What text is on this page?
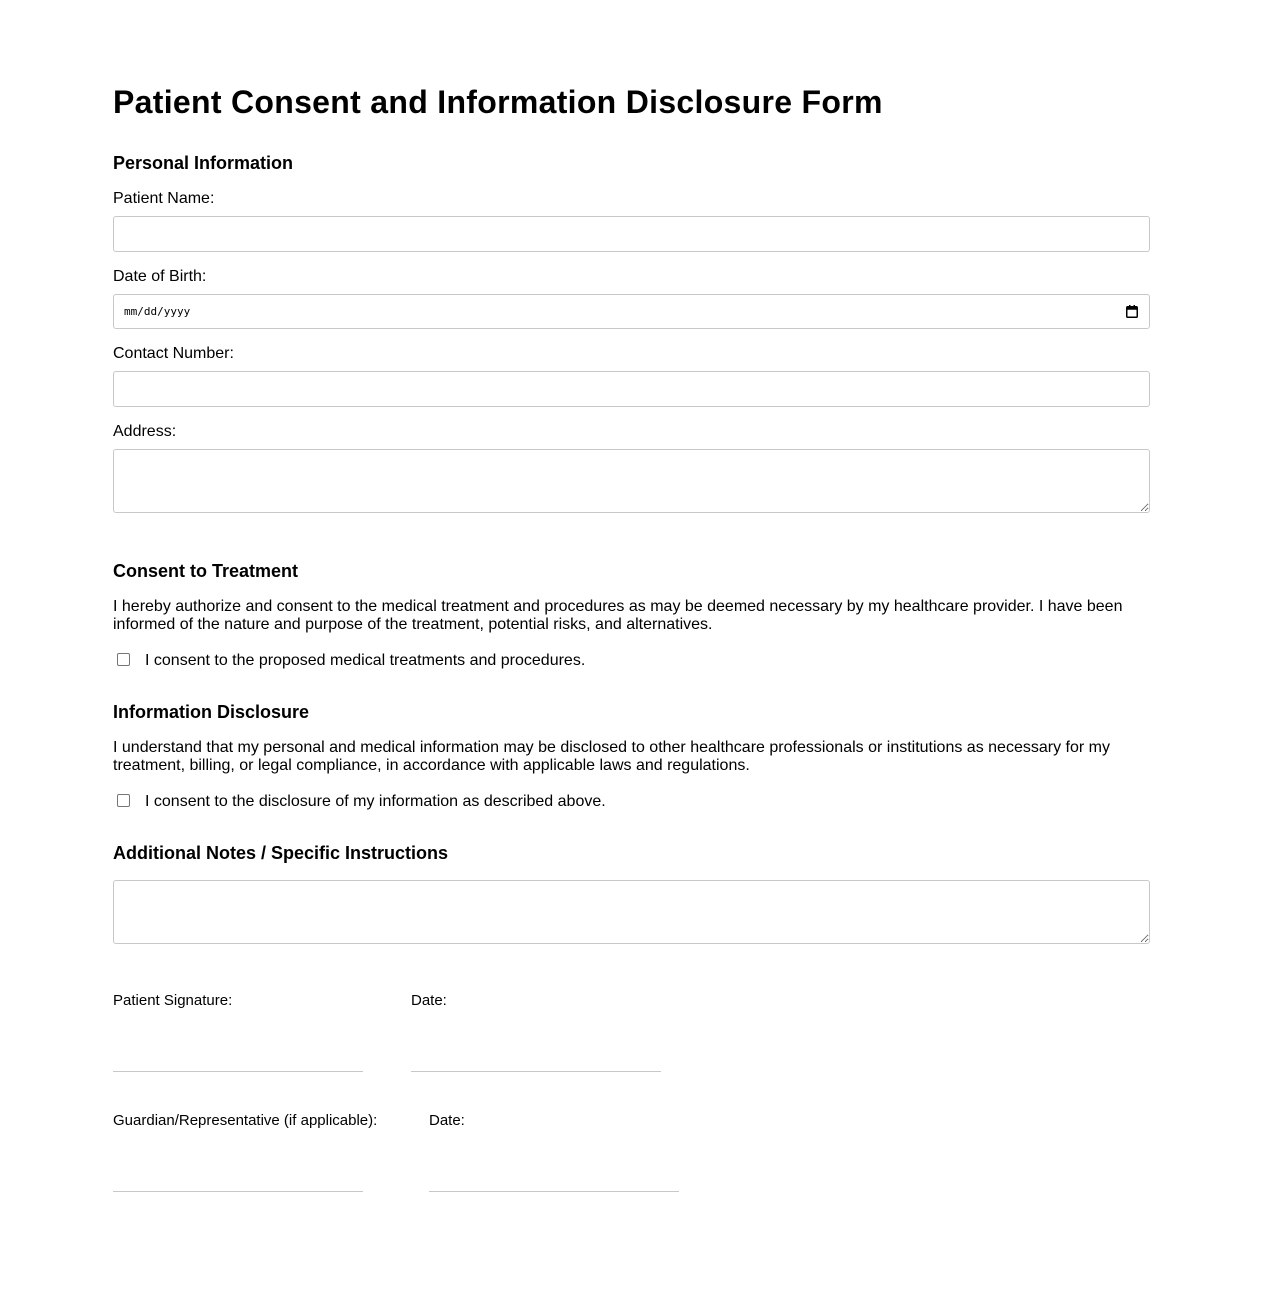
Patient Consent and Information Disclosure Form
Personal Information
Patient Name:
Date of Birth:
mm/dd/yyyy
Contact Number:
Address:
Consent to Treatment

I hereby authorize and consent to the medical treatment and procedures as may be deemed necessary by my healthcare provider. I have been informed of the nature and purpose of the treatment, potential risks, and alternatives.

I consent to the proposed medical treatments and procedures.
Information Disclosure

I understand that my personal and medical information may be disclosed to other healthcare professionals or institutions as necessary for my treatment, billing, or legal compliance, in accordance with applicable laws and regulations.

I consent to the disclosure of my information as described above.
Additional Notes / Specific Instructions
Patient Signature:	Date:
Guardian/Representative (if applicable):	Date:
